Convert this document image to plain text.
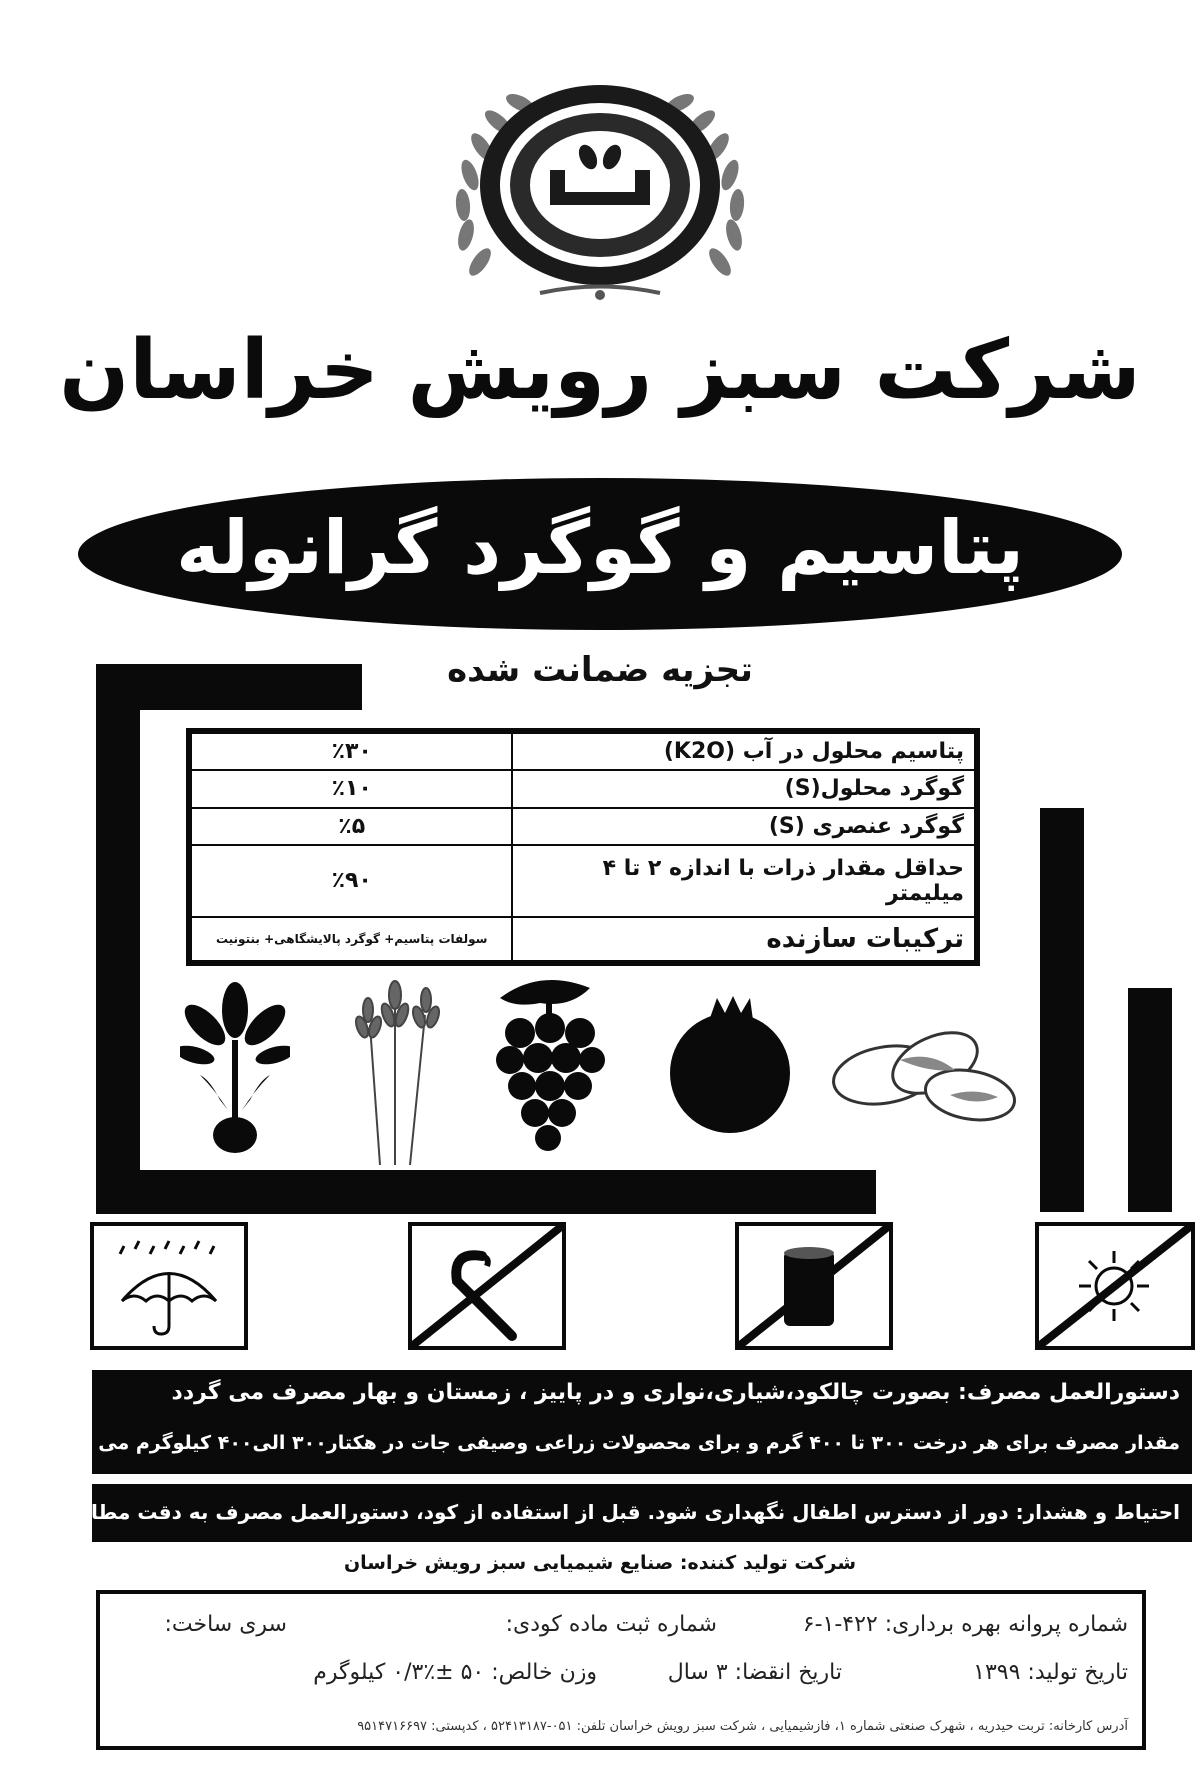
شرکت سبز رویش خراسان
پتاسیم و گوگرد گرانوله
تجزیه ضمانت شده
پتاسیم محلول در آب (K2O)	٪۳۰
گوگرد محلول(S)	٪۱۰
گوگرد عنصری (S)	٪۵
حداقل مقدار ذرات با اندازه ۲ تا ۴ میلیمتر	٪۹۰
ترکیبات سازنده	سولفات پتاسیم+ گوگرد پالایشگاهی+ بنتونیت
دستورالعمل مصرف: بصورت چالکود،شیاری،نواری و در پاییز ، زمستان و بهار مصرف می گردد
مقدار مصرف برای هر درخت ۳۰۰ تا ۴۰۰ گرم و برای محصولات زراعی وصیفی جات در هکتار۳۰۰ الی۴۰۰ کیلوگرم می باشد
احتیاط و هشدار: دور از دسترس اطفال نگهداری شود. قبل از استفاده از کود، دستورالعمل مصرف به دقت مطالعه شود.
شرکت تولید کننده: صنایع شیمیایی سبز رویش خراسان
شماره پروانه بهره برداری: ۴۲۲-۱-۶
شماره ثبت ماده کودی:
سری ساخت:
تاریخ تولید: ۱۳۹۹
تاریخ انقضا: ۳ سال
وزن خالص: ۵۰ ±٪۰/۳ کیلوگرم
آدرس کارخانه: تربت حیدریه ، شهرک صنعتی شماره ۱، فازشیمیایی ، شرکت سبز رویش خراسان تلفن: ۰۵۱-۵۲۴۱۳۱۸۷ ، کدپستی: ۹۵۱۴۷۱۶۶۹۷
